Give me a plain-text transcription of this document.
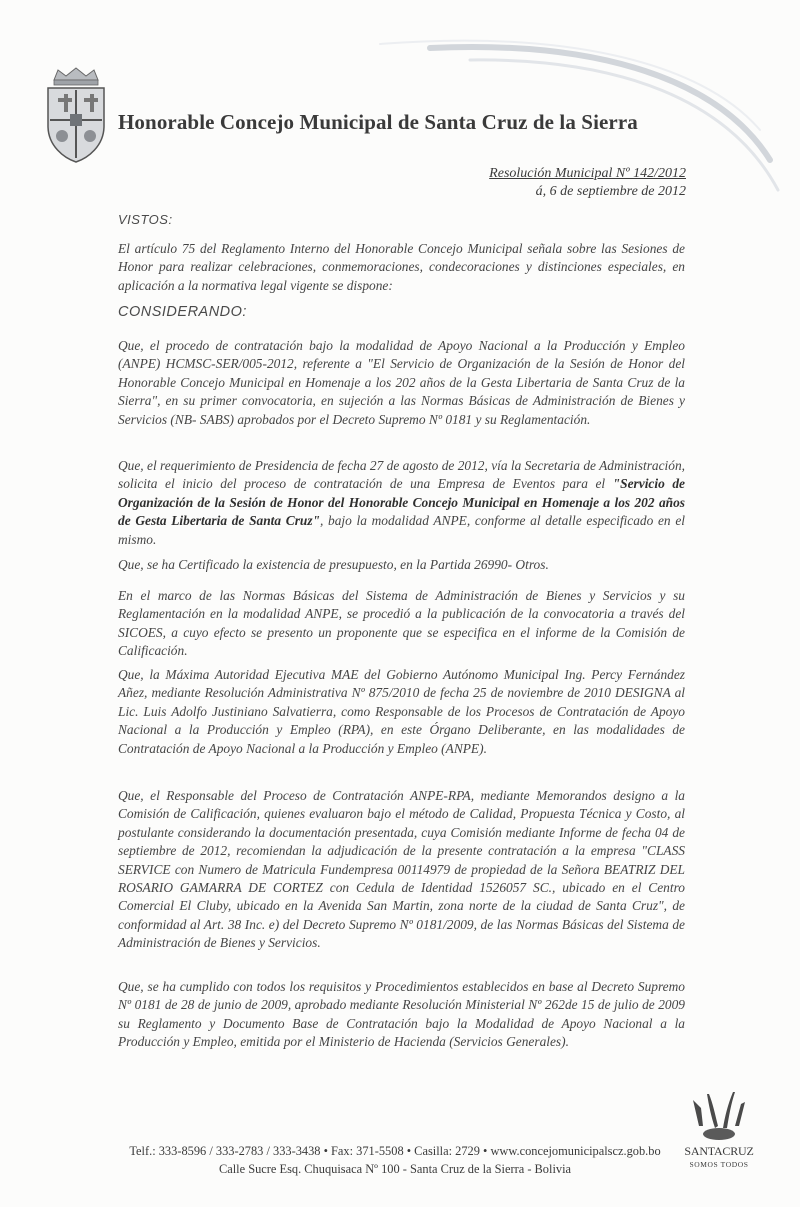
Honorable Concejo Municipal de Santa Cruz de la Sierra
Resolución Municipal Nº 142/2012
á, 6 de septiembre de 2012
VISTOS:

El artículo 75 del Reglamento Interno del Honorable Concejo Municipal señala sobre las Sesiones de Honor para realizar celebraciones, conmemoraciones, condecoraciones y distinciones especiales, en aplicación a la normativa legal vigente se dispone:

CONSIDERANDO:

Que, el procedo de contratación bajo la modalidad de Apoyo Nacional a la Producción y Empleo (ANPE) HCMSC-SER/005-2012, referente a "El Servicio de Organización de la Sesión de Honor del Honorable Concejo Municipal en Homenaje a los 202 años de la Gesta Libertaria de Santa Cruz de la Sierra", en su primer convocatoria, en sujeción a las Normas Básicas de Administración de Bienes y Servicios (NB- SABS) aprobados por el Decreto Supremo Nº 0181 y su Reglamentación.

Que, el requerimiento de Presidencia de fecha 27 de agosto de 2012, vía la Secretaria de Administración, solicita el inicio del proceso de contratación de una Empresa de Eventos para el "Servicio de Organización de la Sesión de Honor del Honorable Concejo Municipal en Homenaje a los 202 años de Gesta Libertaria de Santa Cruz", bajo la modalidad ANPE, conforme al detalle especificado en el mismo.

Que, se ha Certificado la existencia de presupuesto, en la Partida 26990- Otros.

En el marco de las Normas Básicas del Sistema de Administración de Bienes y Servicios y su Reglamentación en la modalidad ANPE, se procedió a la publicación de la convocatoria a través del SICOES, a cuyo efecto se presento un proponente que se especifica en el informe de la Comisión de Calificación.

Que, la Máxima Autoridad Ejecutiva MAE del Gobierno Autónomo Municipal Ing. Percy Fernández Añez, mediante Resolución Administrativa Nº 875/2010 de fecha 25 de noviembre de 2010 DESIGNA al Lic. Luis Adolfo Justiniano Salvatierra, como Responsable de los Procesos de Contratación de Apoyo Nacional a la Producción y Empleo (RPA), en este Órgano Deliberante, en las modalidades de Contratación de Apoyo Nacional a la Producción y Empleo (ANPE).

Que, el Responsable del Proceso de Contratación ANPE-RPA, mediante Memorandos designo a la Comisión de Calificación, quienes evaluaron bajo el método de Calidad, Propuesta Técnica y Costo, al postulante considerando la documentación presentada, cuya Comisión mediante Informe de fecha 04 de septiembre de 2012, recomiendan la adjudicación de la presente contratación a la empresa "CLASS SERVICE con Numero de Matricula Fundempresa 00114979 de propiedad de la Señora BEATRIZ DEL ROSARIO GAMARRA DE CORTEZ con Cedula de Identidad 1526057 SC., ubicado en el Centro Comercial El Cluby, ubicado en la Avenida San Martin, zona norte de la ciudad de Santa Cruz", de conformidad al Art. 38 Inc. e) del Decreto Supremo Nº 0181/2009, de las Normas Básicas del Sistema de Administración de Bienes y Servicios.

Que, se ha cumplido con todos los requisitos y Procedimientos establecidos en base al Decreto Supremo Nº 0181 de 28 de junio de 2009, aprobado mediante Resolución Ministerial Nº 262de 15 de julio de 2009 su Reglamento y Documento Base de Contratación bajo la Modalidad de Apoyo Nacional a la Producción y Empleo, emitida por el Ministerio de Hacienda (Servicios Generales).

Telf.: 333-8596 / 333-2783 / 333-3438 • Fax: 371-5508 • Casilla: 2729 • www.concejomunicipalscz.gob.bo
Calle Sucre Esq. Chuquisaca Nº 100 - Santa Cruz de la Sierra - Bolivia
SANTACRUZ
SOMOS TODOS
